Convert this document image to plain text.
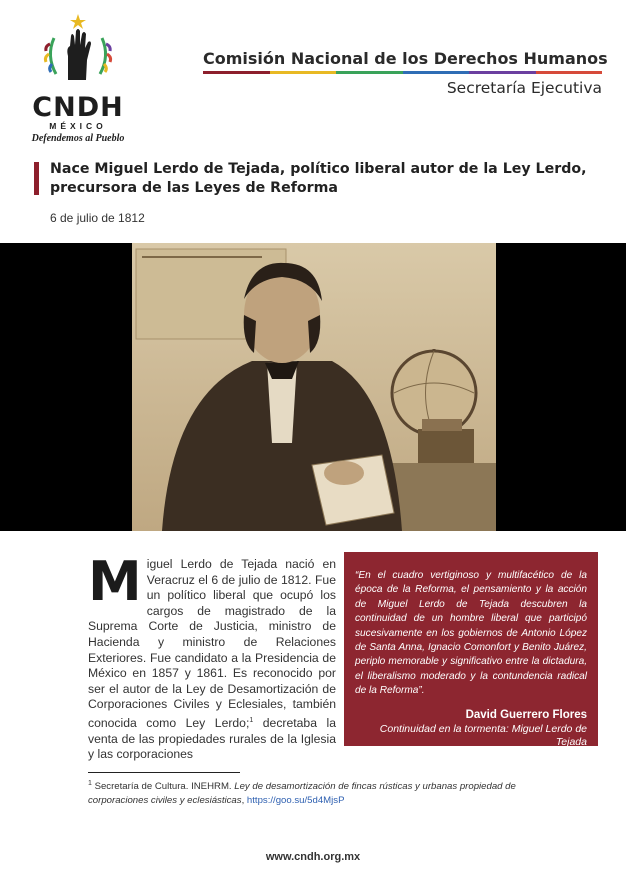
CNDH
MÉXICO
Defendemos al Pueblo
Comisión Nacional de los Derechos Humanos
Secretaría Ejecutiva
Nace Miguel Lerdo de Tejada, político liberal autor de la Ley Lerdo, precursora de las Leyes de Reforma
6 de julio de 1812
Miguel Lerdo de Tejada nació en Veracruz el 6 de julio de 1812. Fue un político liberal que ocupó los cargos de magistrado de la Suprema Corte de Justicia, ministro de Hacienda y ministro de Relaciones Exteriores. Fue candidato a la Presidencia de México en 1857 y 1861. Es reconocido por ser el autor de la Ley de Desamortización de Corporaciones Civiles y Eclesiales, también conocida como Ley Lerdo;$^1$ decretaba la venta de las propiedades rurales de la Iglesia y las corporaciones

“En el cuadro vertiginoso y multifacético de la época de la Reforma, el pensamiento y la acción de Miguel Lerdo de Tejada descubren la continuidad de un hombre liberal que participó sucesivamente en los gobiernos de Antonio López de Santa Anna, Ignacio Comonfort y Benito Juárez, periplo memorable y significativo entre la dictadura, el liberalismo moderado y la contundencia radical de la Reforma”.

David Guerrero Flores

Continuidad en la tormenta: Miguel Lerdo de Tejada

$^1$ Secretaría de Cultura. INEHRM. Ley de desamortización de fincas rústicas y urbanas propiedad de corporaciones civiles y eclesiásticas, https://goo.su/5d4MjsP
www.cndh.org.mx
